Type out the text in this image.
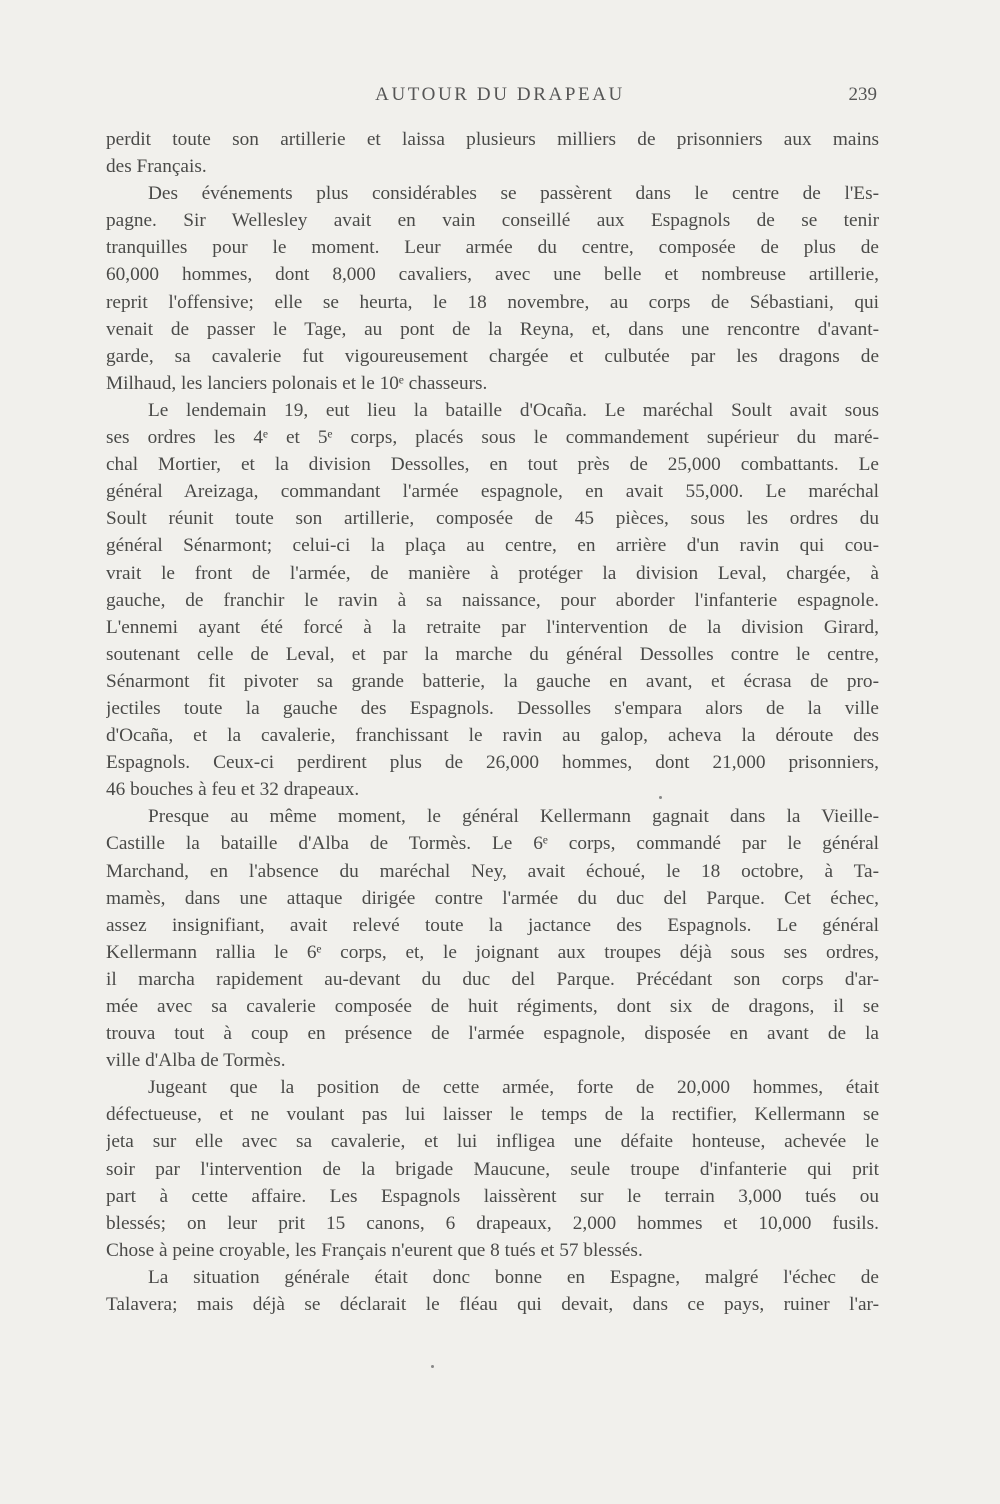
AUTOUR DU DRAPEAU	239
perdit toute son artillerie et laissa plusieurs milliers de prisonniers aux mains
des Français.
Des événements plus considérables se passèrent dans le centre de l'Es-
pagne. Sir Wellesley avait en vain conseillé aux Espagnols de se tenir
tranquilles pour le moment. Leur armée du centre, composée de plus de
60,000 hommes, dont 8,000 cavaliers, avec une belle et nombreuse artillerie,
reprit l'offensive; elle se heurta, le 18 novembre, au corps de Sébastiani, qui
venait de passer le Tage, au pont de la Reyna, et, dans une rencontre d'avant-
garde, sa cavalerie fut vigoureusement chargée et culbutée par les dragons de
Milhaud, les lanciers polonais et le 10ᵉ chasseurs.
Le lendemain 19, eut lieu la bataille d'Ocaña. Le maréchal Soult avait sous
ses ordres les 4ᵉ et 5ᵉ corps, placés sous le commandement supérieur du maré-
chal Mortier, et la division Dessolles, en tout près de 25,000 combattants. Le
général Areizaga, commandant l'armée espagnole, en avait 55,000. Le maréchal
Soult réunit toute son artillerie, composée de 45 pièces, sous les ordres du
général Sénarmont; celui-ci la plaça au centre, en arrière d'un ravin qui cou-
vrait le front de l'armée, de manière à protéger la division Leval, chargée, à
gauche, de franchir le ravin à sa naissance, pour aborder l'infanterie espagnole.
L'ennemi ayant été forcé à la retraite par l'intervention de la division Girard,
soutenant celle de Leval, et par la marche du général Dessolles contre le centre,
Sénarmont fit pivoter sa grande batterie, la gauche en avant, et écrasa de pro-
jectiles toute la gauche des Espagnols. Dessolles s'empara alors de la ville
d'Ocaña, et la cavalerie, franchissant le ravin au galop, acheva la déroute des
Espagnols. Ceux-ci perdirent plus de 26,000 hommes, dont 21,000 prisonniers,
46 bouches à feu et 32 drapeaux.
Presque au même moment, le général Kellermann gagnait dans la Vieille-
Castille la bataille d'Alba de Tormès. Le 6ᵉ corps, commandé par le général
Marchand, en l'absence du maréchal Ney, avait échoué, le 18 octobre, à Ta-
mamès, dans une attaque dirigée contre l'armée du duc del Parque. Cet échec,
assez insignifiant, avait relevé toute la jactance des Espagnols. Le général
Kellermann rallia le 6ᵉ corps, et, le joignant aux troupes déjà sous ses ordres,
il marcha rapidement au-devant du duc del Parque. Précédant son corps d'ar-
mée avec sa cavalerie composée de huit régiments, dont six de dragons, il se
trouva tout à coup en présence de l'armée espagnole, disposée en avant de la
ville d'Alba de Tormès.
Jugeant que la position de cette armée, forte de 20,000 hommes, était
défectueuse, et ne voulant pas lui laisser le temps de la rectifier, Kellermann se
jeta sur elle avec sa cavalerie, et lui infligea une défaite honteuse, achevée le
soir par l'intervention de la brigade Maucune, seule troupe d'infanterie qui prit
part à cette affaire. Les Espagnols laissèrent sur le terrain 3,000 tués ou
blessés; on leur prit 15 canons, 6 drapeaux, 2,000 hommes et 10,000 fusils.
Chose à peine croyable, les Français n'eurent que 8 tués et 57 blessés.
La situation générale était donc bonne en Espagne, malgré l'échec de
Talavera; mais déjà se déclarait le fléau qui devait, dans ce pays, ruiner l'ar-
